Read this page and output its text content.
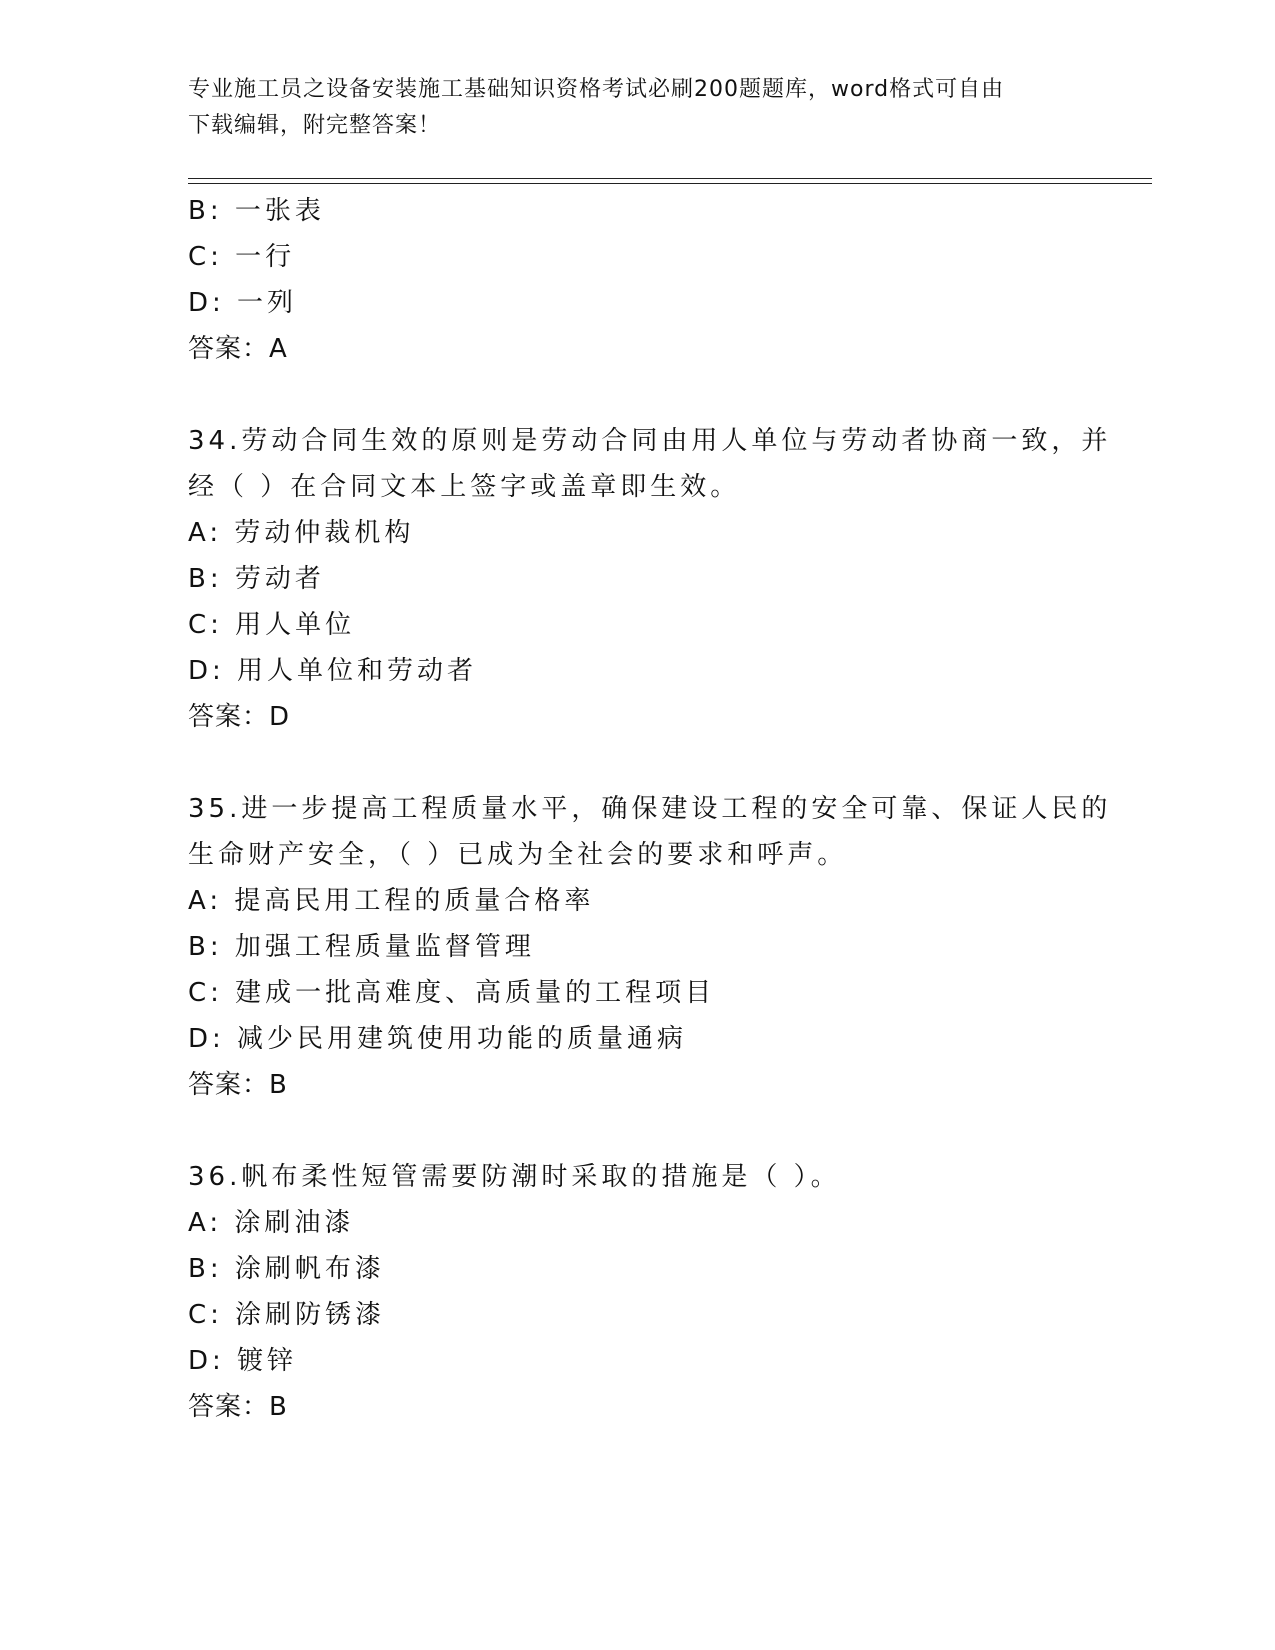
专业施工员之设备安装施工基础知识资格考试必刷200题题库，word格式可自由
下载编辑，附完整答案！
B: 一张表
C: 一行
D: 一列
答案：A
34.劳动合同生效的原则是劳动合同由用人单位与劳动者协商一致，并
经（ ）在合同文本上签字或盖章即生效。
A: 劳动仲裁机构
B: 劳动者
C: 用人单位
D: 用人单位和劳动者
答案：D
35.进一步提高工程质量水平，确保建设工程的安全可靠、保证人民的
生命财产安全，（ ）已成为全社会的要求和呼声。
A: 提高民用工程的质量合格率
B: 加强工程质量监督管理
C: 建成一批高难度、高质量的工程项目
D: 减少民用建筑使用功能的质量通病
答案：B
36.帆布柔性短管需要防潮时采取的措施是（ ）。
A: 涂刷油漆
B: 涂刷帆布漆
C: 涂刷防锈漆
D: 镀锌
答案：B
